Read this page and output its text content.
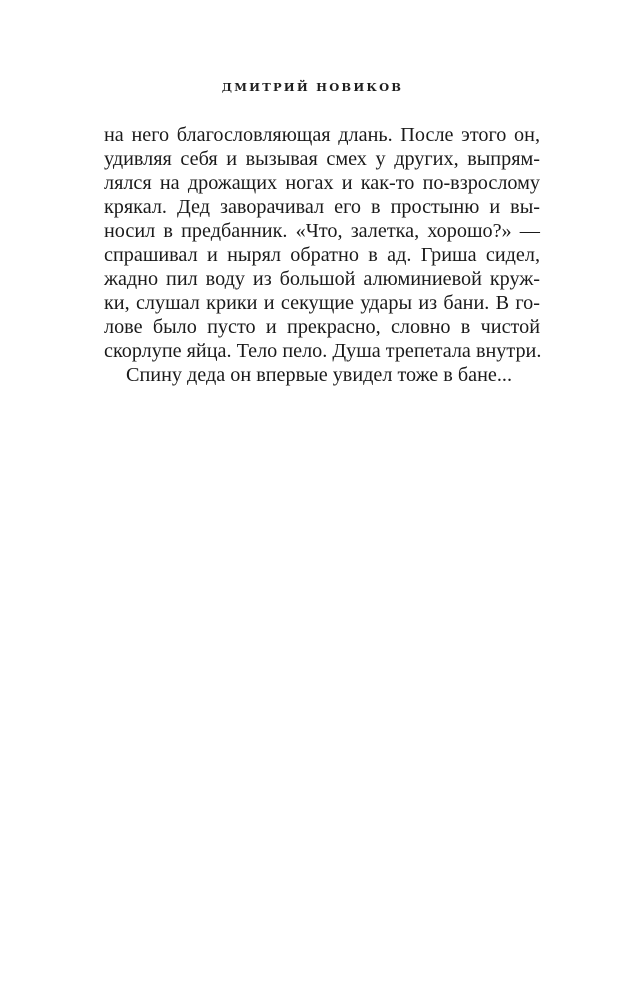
ДМИТРИЙ НОВИКОВ
на него благословляющая длань. После этого он,
удивляя себя и вызывая смех у других, выпрям-
лялся на дрожащих ногах и как-то по-взрослому
крякал. Дед заворачивал его в простыню и вы-
носил в предбанник. «Что, залетка, хорошо?» —
спрашивал и нырял обратно в ад. Гриша сидел,
жадно пил воду из большой алюминиевой круж-
ки, слушал крики и секущие удары из бани. В го-
лове было пусто и прекрасно, словно в чистой
скорлупе яйца. Тело пело. Душа трепетала внутри.
Спину деда он впервые увидел тоже в бане...
